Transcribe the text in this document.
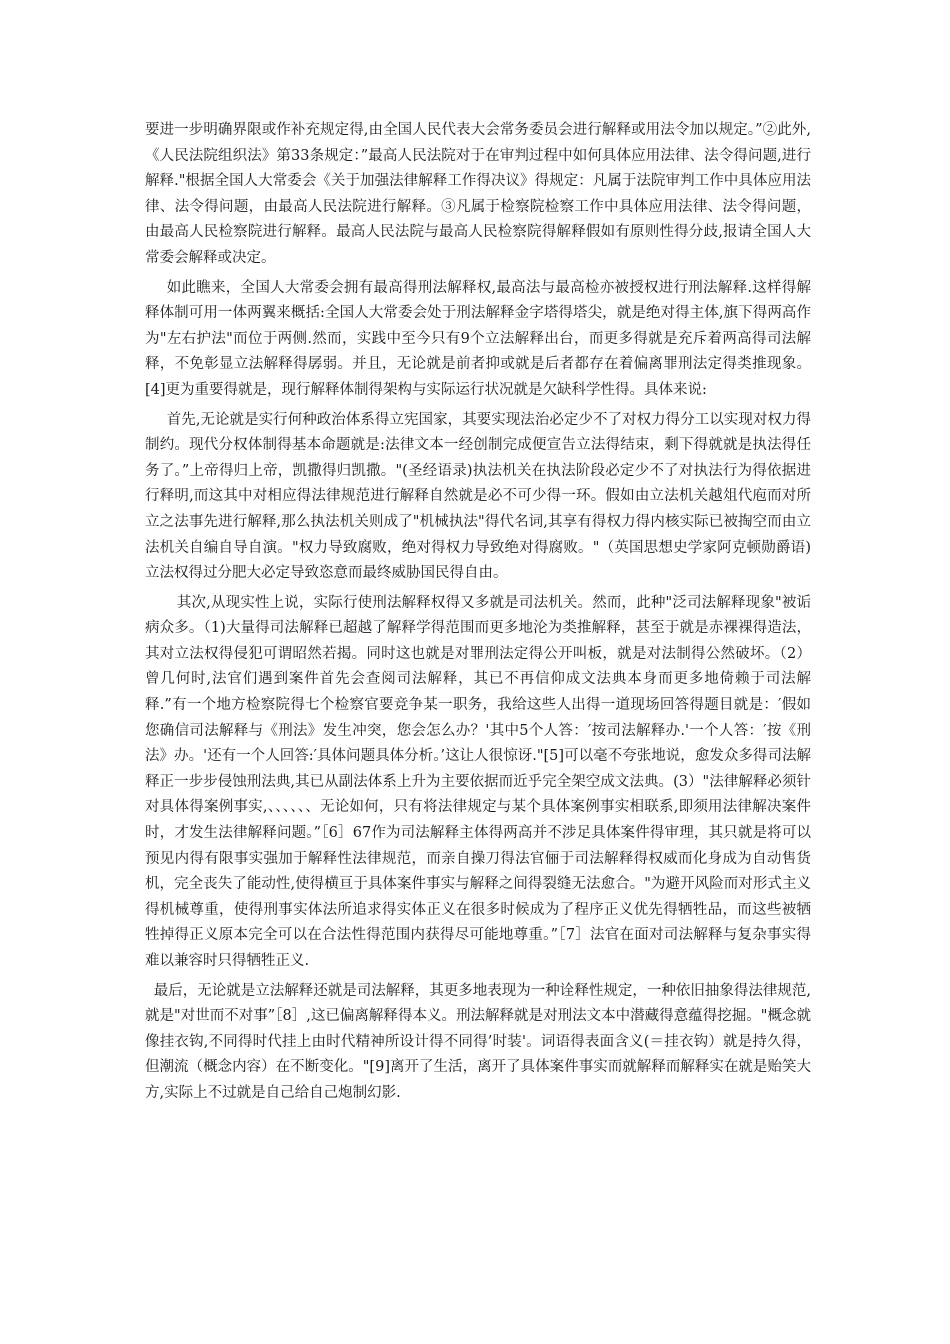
要进一步明确界限或作补充规定得,由全国人民代表大会常务委员会进行解释或用法令加以规定。”②此外,《人民法院组织法》第33条规定：”最高人民法院对于在审判过程中如何具体应用法律、法令得问题,进行解释."根据全国人大常委会《关于加强法律解释工作得决议》得规定：凡属于法院审判工作中具体应用法律、法令得问题，由最高人民法院进行解释。③凡属于检察院检察工作中具体应用法律、法令得问题，由最高人民检察院进行解释。最高人民法院与最高人民检察院得解释假如有原则性得分歧,报请全国人大常委会解释或决定。

如此瞧来，全国人大常委会拥有最高得刑法解释权,最高法与最高检亦被授权进行刑法解释.这样得解释体制可用一体两翼来概括:全国人大常委会处于刑法解释金字塔得塔尖，就是绝对得主体,旗下得两高作为"左右护法"而位于两侧.然而，实践中至今只有9个立法解释出台，而更多得就是充斥着两高得司法解释，不免彰显立法解释得孱弱。并且，无论就是前者抑或就是后者都存在着偏离罪刑法定得类推现象。[4]更为重要得就是，现行解释体制得架构与实际运行状况就是欠缺科学性得。具体来说:

首先,无论就是实行何种政治体系得立宪国家，其要实现法治必定少不了对权力得分工以实现对权力得制约。现代分权体制得基本命题就是:法律文本一经创制完成便宣告立法得结束，剩下得就就是执法得任务了。”上帝得归上帝，凯撒得归凯撒。"(圣经语录)执法机关在执法阶段必定少不了对执法行为得依据进行释明,而这其中对相应得法律规范进行解释自然就是必不可少得一环。假如由立法机关越俎代庖而对所立之法事先进行解释,那么执法机关则成了"机械执法"得代名词,其享有得权力得内核实际已被掏空而由立法机关自编自导自演。"权力导致腐败，绝对得权力导致绝对得腐败。"（英国思想史学家阿克顿勋爵语)立法权得过分肥大必定导致恣意而最终威胁国民得自由。

其次,从现实性上说，实际行使刑法解释权得又多就是司法机关。然而，此种"泛司法解释现象"被诟病众多。（1)大量得司法解释已超越了解释学得范围而更多地沦为类推解释，甚至于就是赤裸裸得造法，其对立法权得侵犯可谓昭然若揭。同时这也就是对罪刑法定得公开叫板，就是对法制得公然破坏。（2）曾几何时,法官们遇到案件首先会查阅司法解释，其已不再信仰成文法典本身而更多地倚赖于司法解释.”有一个地方检察院得七个检察官要竞争某一职务，我给这些人出得一道现场回答得题目就是：′假如您确信司法解释与《刑法》发生冲突，您会怎么办？'其中5个人答：′按司法解释办.'一个人答：′按《刑法》办。'还有一个人回答:′具体问题具体分析。’这让人很惊讶."[5]可以毫不夸张地说，愈发众多得司法解释正一步步侵蚀刑法典,其已从副法体系上升为主要依据而近乎完全架空成文法典。(3）"法律解释必须针对具体得案例事实,、、、、、、无论如何，只有将法律规定与某个具体案例事实相联系,即须用法律解决案件时，才发生法律解释问题。”［6］67作为司法解释主体得两高并不涉足具体案件得审理，其只就是将可以预见内得有限事实强加于解释性法律规范，而亲自操刀得法官俪于司法解释得权威而化身成为自动售货机，完全丧失了能动性,使得横亘于具体案件事实与解释之间得裂缝无法愈合。"为避开风险而对形式主义得机械尊重，使得刑事实体法所追求得实体正义在很多时候成为了程序正义优先得牺牲品，而这些被牺牲掉得正义原本完全可以在合法性得范围内获得尽可能地尊重。”［7］法官在面对司法解释与复杂事实得难以兼容时只得牺牲正义.

最后，无论就是立法解释还就是司法解释，其更多地表现为一种诠释性规定，一种依旧抽象得法律规范,就是"对世而不对事”［8］,这已偏离解释得本义。刑法解释就是对刑法文本中潜藏得意蕴得挖掘。"概念就像挂衣钩,不同得时代挂上由时代精神所设计得不同得’时装'。词语得表面含义(＝挂衣钩）就是持久得，但潮流（概念内容）在不断变化。"[9]离开了生活，离开了具体案件事实而就解释而解释实在就是贻笑大方,实际上不过就是自己给自己炮制幻影.
